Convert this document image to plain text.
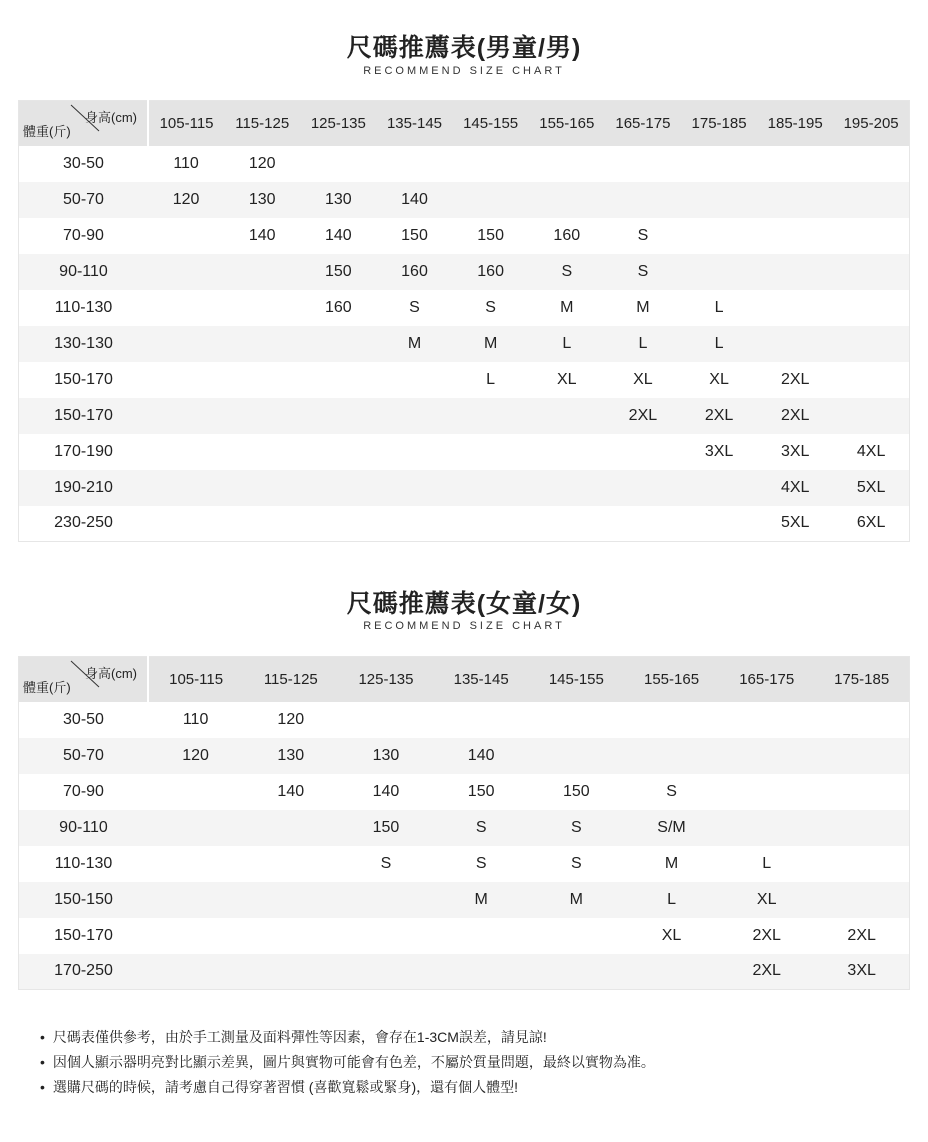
尺碼推薦表(男童/男)
RECOMMEND SIZE CHART
身高(cm)
體重(斤)	105-115	115-125	125-135	135-145	145-155	155-165	165-175	175-185	185-195	195-205
30-50	110	120								
50-70	120	130	130	140						
70-90		140	140	150	150	160	S			
90-110			150	160	160	S	S			
110-130			160	S	S	M	M	L		
130-130				M	M	L	L	L		
150-170					L	XL	XL	XL	2XL	
150-170							2XL	2XL	2XL	
170-190								3XL	3XL	4XL
190-210									4XL	5XL
230-250									5XL	6XL
尺碼推薦表(女童/女)
RECOMMEND SIZE CHART
身高(cm)
體重(斤)	105-115	115-125	125-135	135-145	145-155	155-165	165-175	175-185
30-50	110	120						
50-70	120	130	130	140				
70-90		140	140	150	150	S		
90-110			150	S	S	S/M		
110-130			S	S	S	M	L	
150-150				M	M	L	XL	
150-170						XL	2XL	2XL
170-250							2XL	3XL
• 尺碼表僅供參考，由於手工測量及面料彈性等因素，會存在1-3CM誤差，請見諒!
• 因個人顯示器明亮對比顯示差異，圖片與實物可能會有色差，不屬於質量問題，最終以實物為准。
• 選購尺碼的時候，請考慮自己得穿著習慣 (喜歡寬鬆或緊身)，還有個人體型!
